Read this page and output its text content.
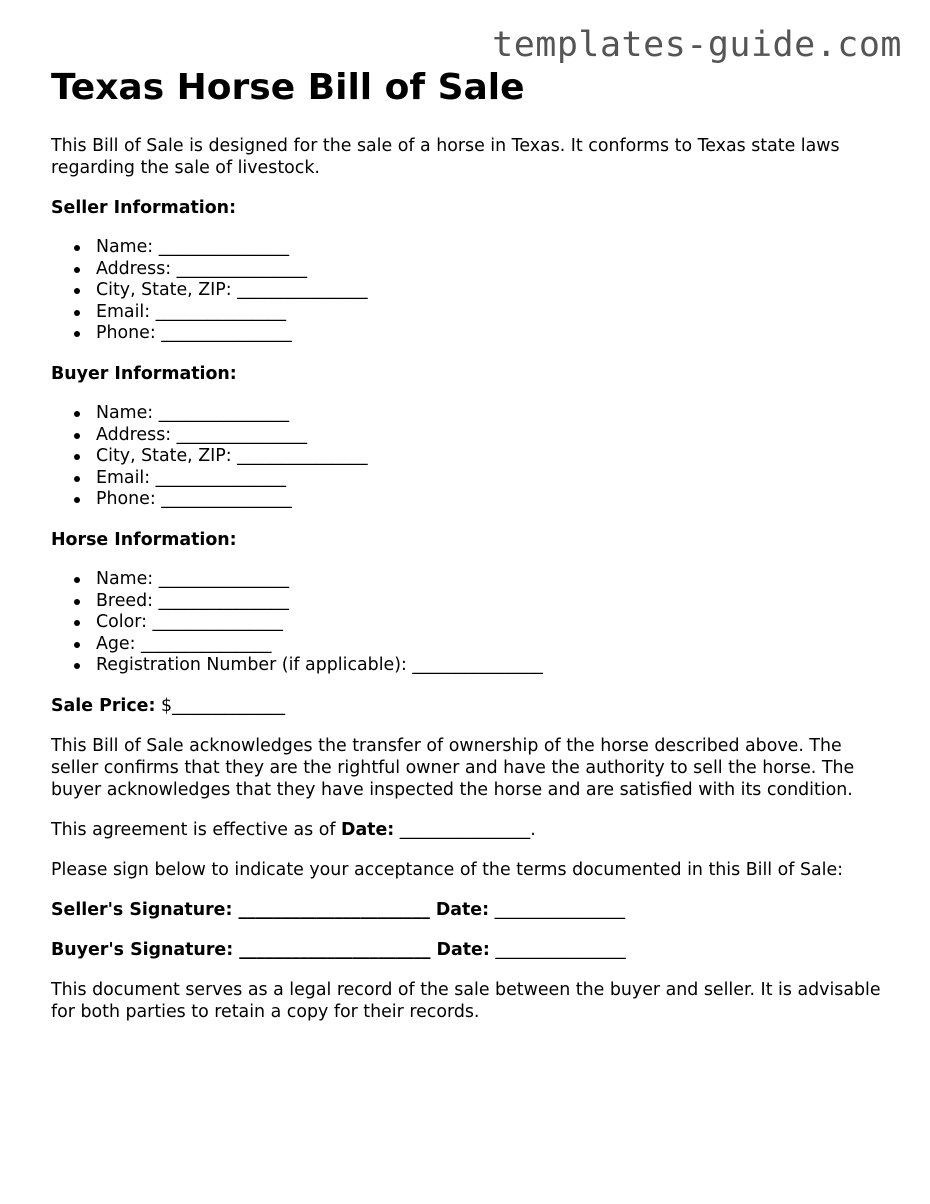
templates-guide.com
Texas Horse Bill of Sale

This Bill of Sale is designed for the sale of a horse in Texas. It conforms to Texas state laws regarding the sale of livestock.

Seller Information:

Name: _______________
Address: _______________
City, State, ZIP: _______________
Email: _______________
Phone: _______________

Buyer Information:

Name: _______________
Address: _______________
City, State, ZIP: _______________
Email: _______________
Phone: _______________

Horse Information:

Name: _______________
Breed: _______________
Color: _______________
Age: _______________
Registration Number (if applicable): _______________

Sale Price: $_____________

This Bill of Sale acknowledges the transfer of ownership of the horse described above. The seller confirms that they are the rightful owner and have the authority to sell the horse. The buyer acknowledges that they have inspected the horse and are satisfied with its condition.

This agreement is effective as of Date: _______________.

Please sign below to indicate your acceptance of the terms documented in this Bill of Sale:

Seller's Signature: ______________________ Date: _______________

Buyer's Signature: ______________________ Date: _______________

This document serves as a legal record of the sale between the buyer and seller. It is advisable for both parties to retain a copy for their records.
